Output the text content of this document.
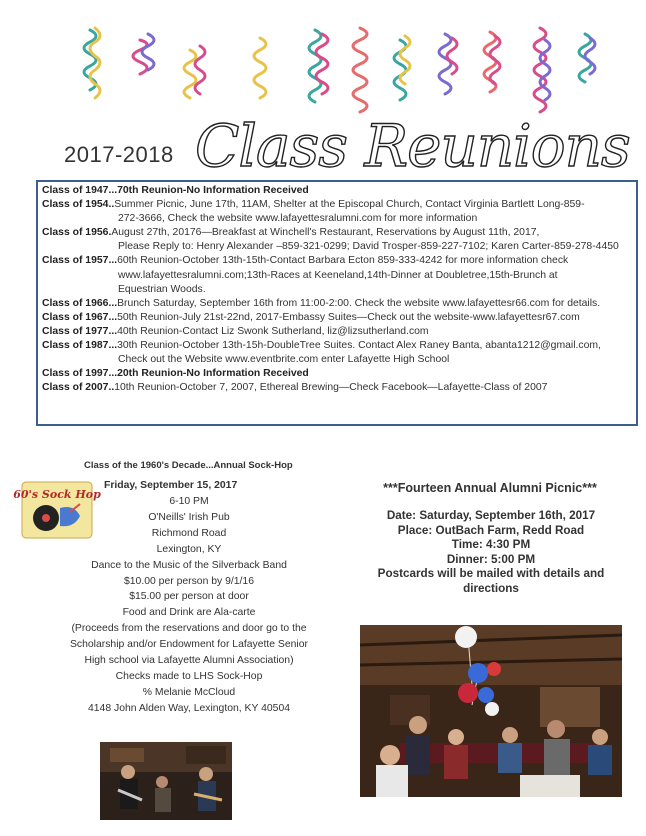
2017-2018 Class Reunions
Class of 1947...70th Reunion-No Information Received
Class of 1954..Summer Picnic, June 17th, 11AM, Shelter at the Episcopal Church, Contact Virginia Bartlett Long-859-
272-3666, Check the website www.lafayettesralumni.com for more information
Class of 1956.August 27th, 20176—Breakfast at Winchell's Restaurant, Reservations by August 11th, 2017,
Please Reply to: Henry Alexander –859-321-0299; David Trosper-859-227-7102; Karen Carter-859-278-4450
Class of 1957...60th Reunion-October 13th-15th-Contact Barbara Ecton 859-333-4242 for more information check
www.lafayettesralumni.com;13th-Races at Keeneland,14th-Dinner at Doubletree,15th-Brunch at
Equestrian Woods.
Class of 1966...Brunch Saturday, September 16th from 11:00-2:00. Check the website www.lafayettesr66.com for details.
Class of 1967...50th Reunion-July 21st-22nd, 2017-Embassy Suites—Check out the website-www.lafayettesr67.com
Class of 1977...40th Reunion-Contact Liz Swonk Sutherland, liz@lizsutherland.com
Class of 1987...30th Reunion-October 13th-15h-DoubleTree Suites. Contact Alex Raney Banta, abanta1212@gmail.com,
Check out the Website www.eventbrite.com enter Lafayette High School
Class of 1997...20th Reunion-No Information Received
Class of 2007..10th Reunion-October 7, 2007, Ethereal Brewing—Check Facebook—Lafayette-Class of 2007
Class of the 1960's Decade...Annual Sock-Hop
60's Sock Hop
Friday, September 15, 2017
6-10 PM
O'Neills' Irish Pub
Richmond Road
Lexington, KY
Dance to the Music of the Silverback Band
$10.00 per person by 9/1/16
$15.00 per person at door
Food and Drink are Ala-carte
(Proceeds from the reservations and door go to the
Scholarship and/or Endowment for Lafayette Senior
High school via Lafayette Alumni Association)
Checks made to LHS Sock-Hop
% Melanie McCloud
4148 John Alden Way, Lexington, KY 40504
***Fourteen Annual Alumni Picnic***
Date: Saturday, September 16th, 2017
Place: OutBach Farm, Redd Road
Time: 4:30 PM
Dinner: 5:00 PM
Postcards will be mailed with details and
directions
